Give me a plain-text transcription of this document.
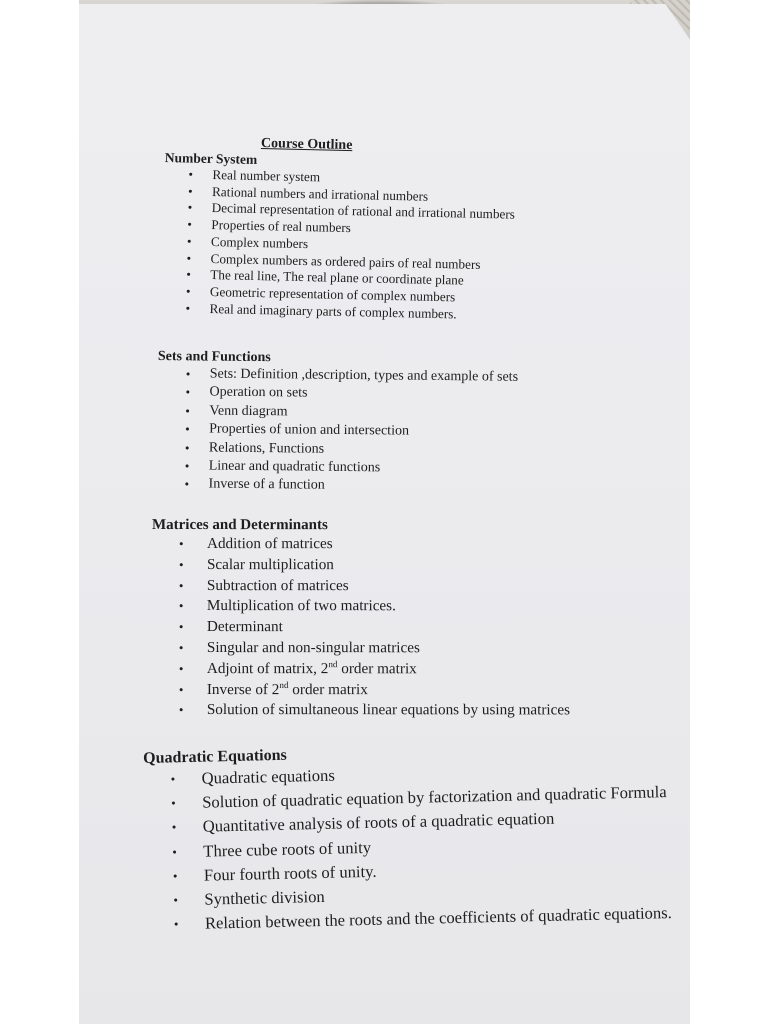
Course Outline
Number System
• Real number system
• Rational numbers and irrational numbers
• Decimal representation of rational and irrational numbers
• Properties of real numbers
• Complex numbers
• Complex numbers as ordered pairs of real numbers
• The real line, The real plane or coordinate plane
• Geometric representation of complex numbers
• Real and imaginary parts of complex numbers.
Sets and Functions
• Sets: Definition ,description, types and example of sets
• Operation on sets
• Venn diagram
• Properties of union and intersection
• Relations, Functions
• Linear and quadratic functions
• Inverse of a function
Matrices and Determinants
• Addition of matrices
• Scalar multiplication
• Subtraction of matrices
• Multiplication of two matrices.
• Determinant
• Singular and non-singular matrices
• Adjoint of matrix, 2nd order matrix
• Inverse of 2nd order matrix
• Solution of simultaneous linear equations by using matrices
Quadratic Equations
• Quadratic equations
• Solution of quadratic equation by factorization and quadratic Formula
• Quantitative analysis of roots of a quadratic equation
• Three cube roots of unity
• Four fourth roots of unity.
• Synthetic division
• Relation between the roots and the coefficients of quadratic equations.
